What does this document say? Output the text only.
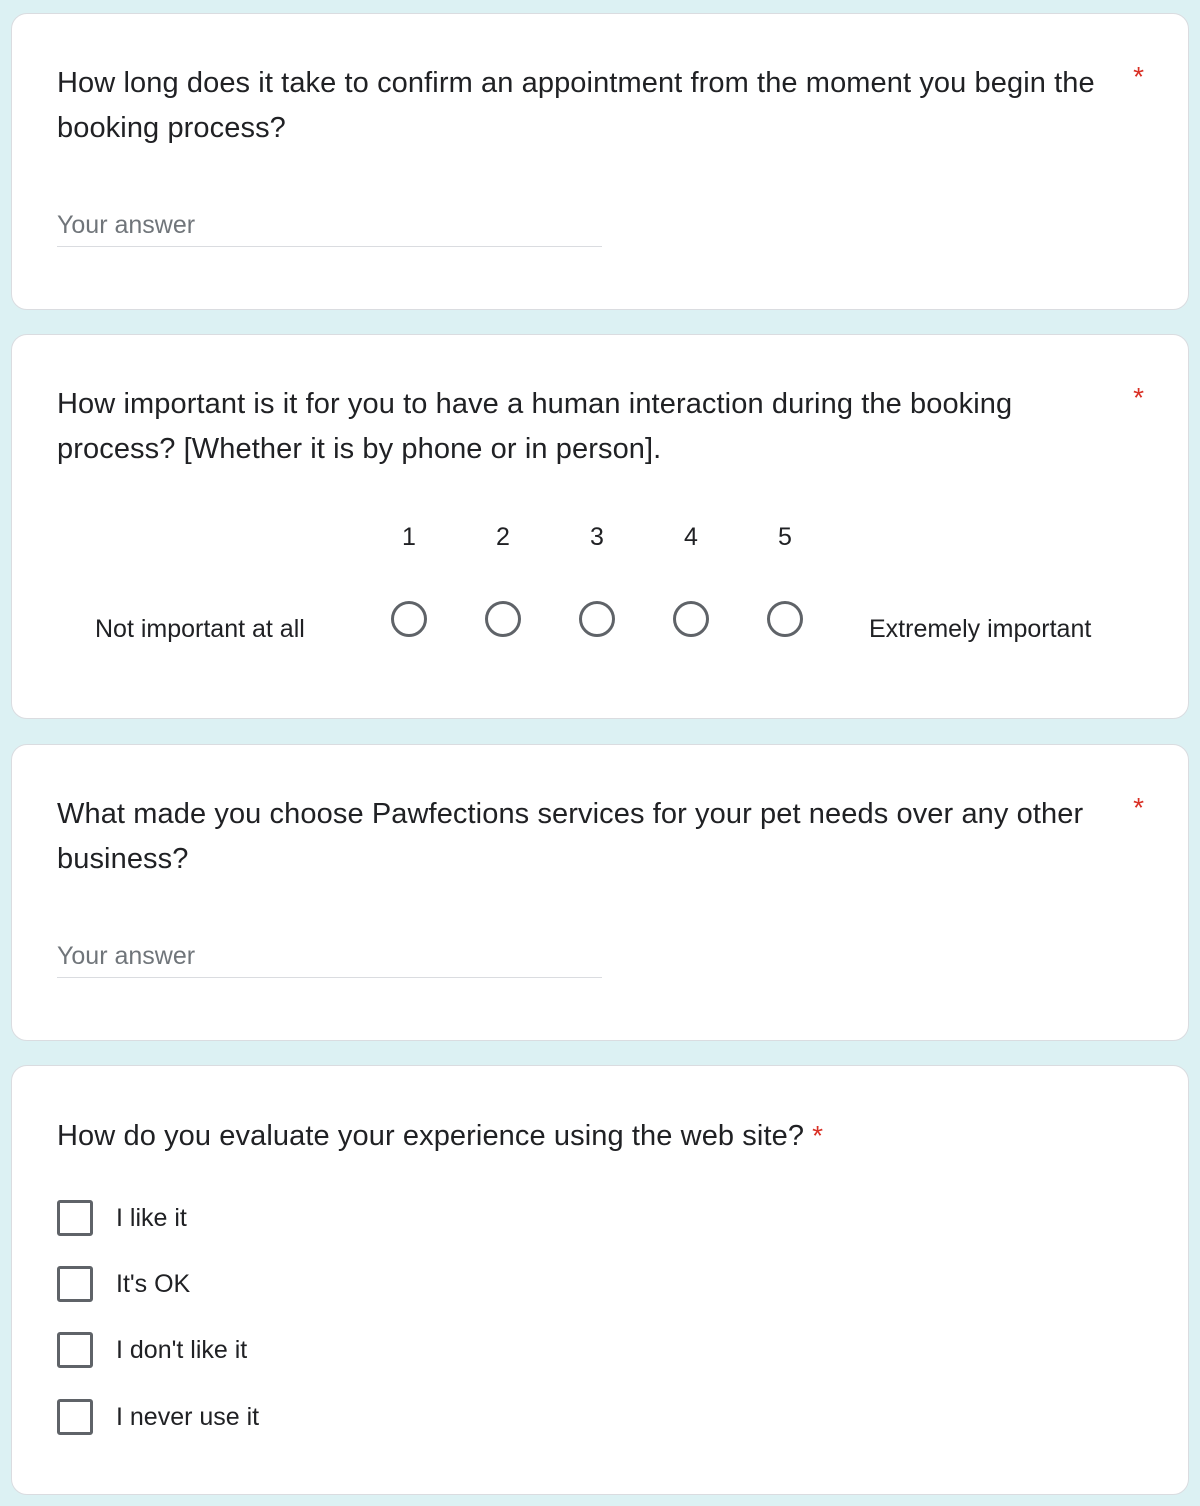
How long does it take to confirm an appointment from the moment you begin the booking process?
*
Your answer
How important is it for you to have a human interaction during the booking process? [Whether it is by phone or in person].
*
Not important at all
1	2	3	4	5
Extremely important
What made you choose Pawfections services for your pet needs over any other business?
*
Your answer
How do you evaluate your experience using the web site? *
I like it
It's OK
I don't like it
I never use it
